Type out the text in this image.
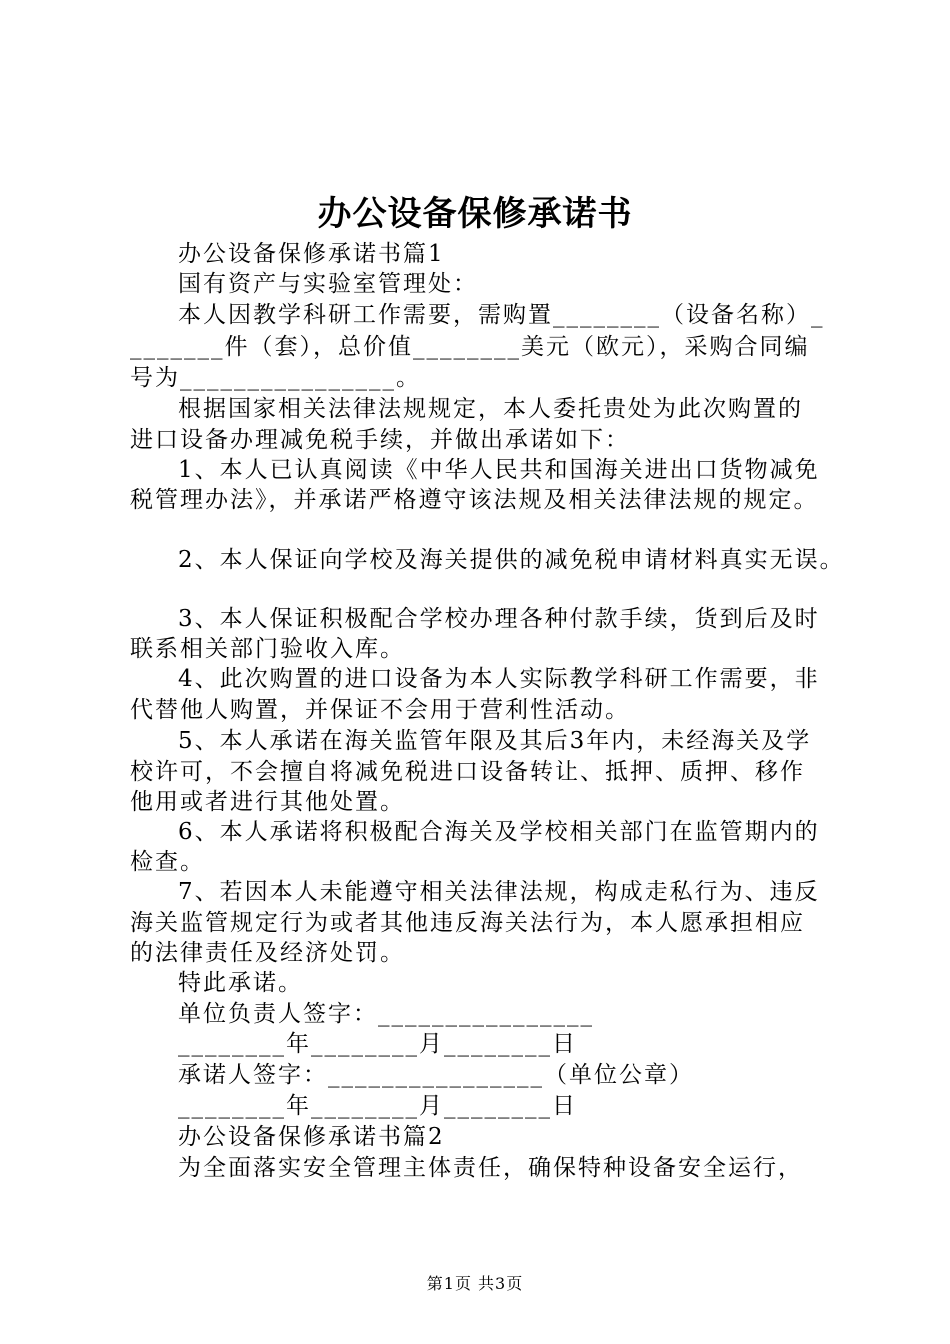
办公设备保修承诺书
办公设备保修承诺书篇1
国有资产与实验室管理处：
本人因教学科研工作需要，需购置________（设备名称）_
_______件（套），总价值________美元（欧元），采购合同编
号为________________。
根据国家相关法律法规规定，本人委托贵处为此次购置的
进口设备办理减免税手续，并做出承诺如下：
1、本人已认真阅读《中华人民共和国海关进出口货物减免
税管理办法》，并承诺严格遵守该法规及相关法律法规的规定。
2、本人保证向学校及海关提供的减免税申请材料真实无误。
3、本人保证积极配合学校办理各种付款手续，货到后及时
联系相关部门验收入库。
4、此次购置的进口设备为本人实际教学科研工作需要，非
代替他人购置，并保证不会用于营利性活动。
5、本人承诺在海关监管年限及其后3年内，未经海关及学
校许可，不会擅自将减免税进口设备转让、抵押、质押、移作
他用或者进行其他处置。
6、本人承诺将积极配合海关及学校相关部门在监管期内的
检查。
7、若因本人未能遵守相关法律法规，构成走私行为、违反
海关监管规定行为或者其他违反海关法行为，本人愿承担相应
的法律责任及经济处罚。
特此承诺。
单位负责人签字：________________
________年________月________日
承诺人签字：________________（单位公章）
________年________月________日
办公设备保修承诺书篇2
为全面落实安全管理主体责任，确保特种设备安全运行，
第1页 共3页
